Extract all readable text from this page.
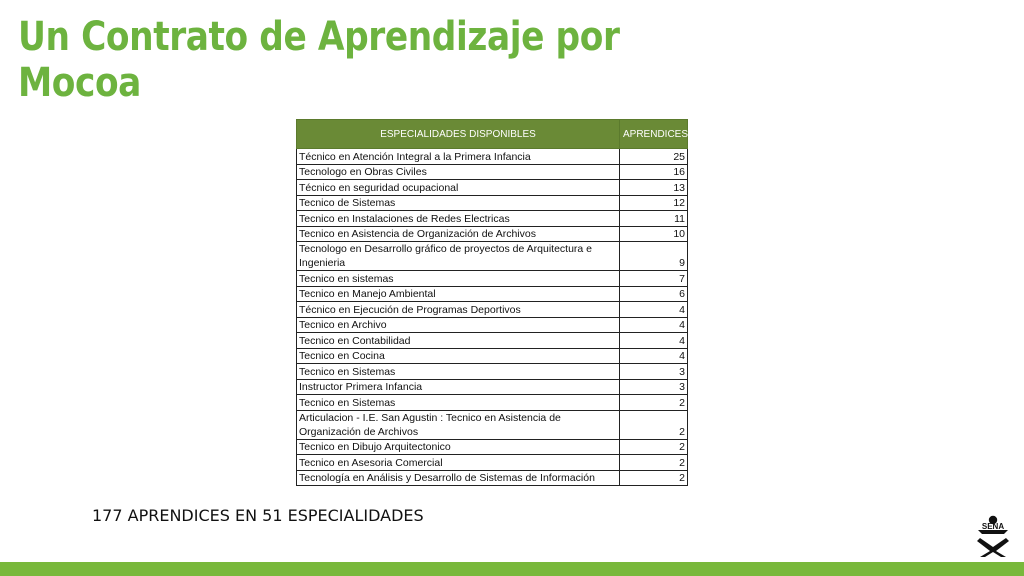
Un Contrato de Aprendizaje por
Mocoa
ESPECIALIDADES DISPONIBLES	APRENDICES
Técnico en Atención Integral a la Primera Infancia	25
Tecnologo en Obras Civiles	16
Técnico en seguridad ocupacional	13
Tecnico de Sistemas	12
Tecnico en Instalaciones de Redes Electricas	11
Tecnico en Asistencia de Organización de Archivos	10
Tecnologo en Desarrollo gráfico de proyectos de Arquitectura e Ingenieria	9
Tecnico en sistemas	7
Tecnico en Manejo Ambiental	6
Técnico en Ejecución de Programas Deportivos	4
Tecnico en Archivo	4
Tecnico en Contabilidad	4
Tecnico en Cocina	4
Tecnico en Sistemas	3
Instructor Primera Infancia	3
Tecnico en Sistemas	2
Articulacion - I.E. San Agustin : Tecnico en Asistencia de Organización de Archivos	2
Tecnico en Dibujo Arquitectonico	2
Tecnico en Asesoria Comercial	2
Tecnología en Análisis y Desarrollo de Sistemas de Información	2
177 APRENDICES EN 51 ESPECIALIDADES
SENA
